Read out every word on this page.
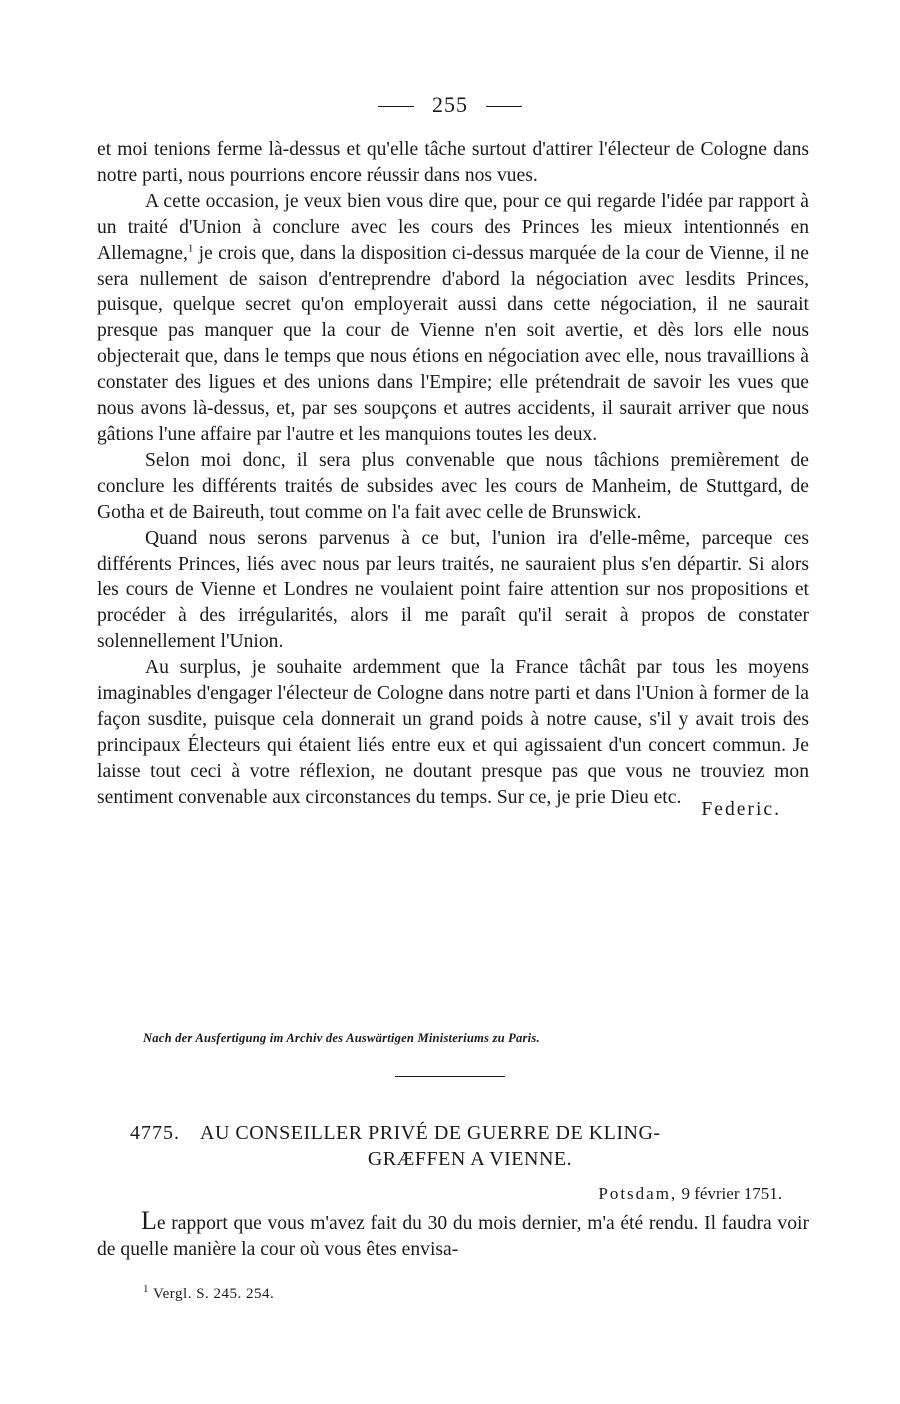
255

et moi tenions ferme là-dessus et qu'elle tâche surtout d'attirer l'électeur de Cologne dans notre parti, nous pourrions encore réussir dans nos vues.

A cette occasion, je veux bien vous dire que, pour ce qui regarde l'idée par rapport à un traité d'Union à conclure avec les cours des Princes les mieux intentionnés en Allemagne,$^1$ je crois que, dans la disposition ci-dessus marquée de la cour de Vienne, il ne sera nullement de saison d'entreprendre d'abord la négociation avec lesdits Princes, puisque, quelque secret qu'on employerait aussi dans cette négociation, il ne saurait presque pas manquer que la cour de Vienne n'en soit avertie, et dès lors elle nous objecterait que, dans le temps que nous étions en négociation avec elle, nous travaillions à constater des ligues et des unions dans l'Empire; elle prétendrait de savoir les vues que nous avons là-dessus, et, par ses soupçons et autres accidents, il saurait arriver que nous gâtions l'une affaire par l'autre et les manquions toutes les deux.

Selon moi donc, il sera plus convenable que nous tâchions premièrement de conclure les différents traités de subsides avec les cours de Manheim, de Stuttgard, de Gotha et de Baireuth, tout comme on l'a fait avec celle de Brunswick.

Quand nous serons parvenus à ce but, l'union ira d'elle-même, parceque ces différents Princes, liés avec nous par leurs traités, ne sauraient plus s'en départir. Si alors les cours de Vienne et Londres ne voulaient point faire attention sur nos propositions et procéder à des irrégularités, alors il me paraît qu'il serait à propos de constater solennellement l'Union.

Au surplus, je souhaite ardemment que la France tâchât par tous les moyens imaginables d'engager l'électeur de Cologne dans notre parti et dans l'Union à former de la façon susdite, puisque cela donnerait un grand poids à notre cause, s'il y avait trois des principaux Électeurs qui étaient liés entre eux et qui agissaient d'un concert commun. Je laisse tout ceci à votre réflexion, ne doutant presque pas que vous ne trouviez mon sentiment convenable aux circonstances du temps. Sur ce, je prie Dieu etc.

Federic.
Nach der Ausfertigung im Archiv des Auswärtigen Ministeriums zu Paris.
4775. AU CONSEILLER PRIVÉ DE GUERRE DE KLING-
GRÆFFEN A VIENNE.
Potsdam, 9 février 1751.

Le rapport que vous m'avez fait du 30 du mois dernier, m'a été rendu. Il faudra voir de quelle manière la cour où vous êtes envisa-

$^1$ Vergl. S. 245. 254.
